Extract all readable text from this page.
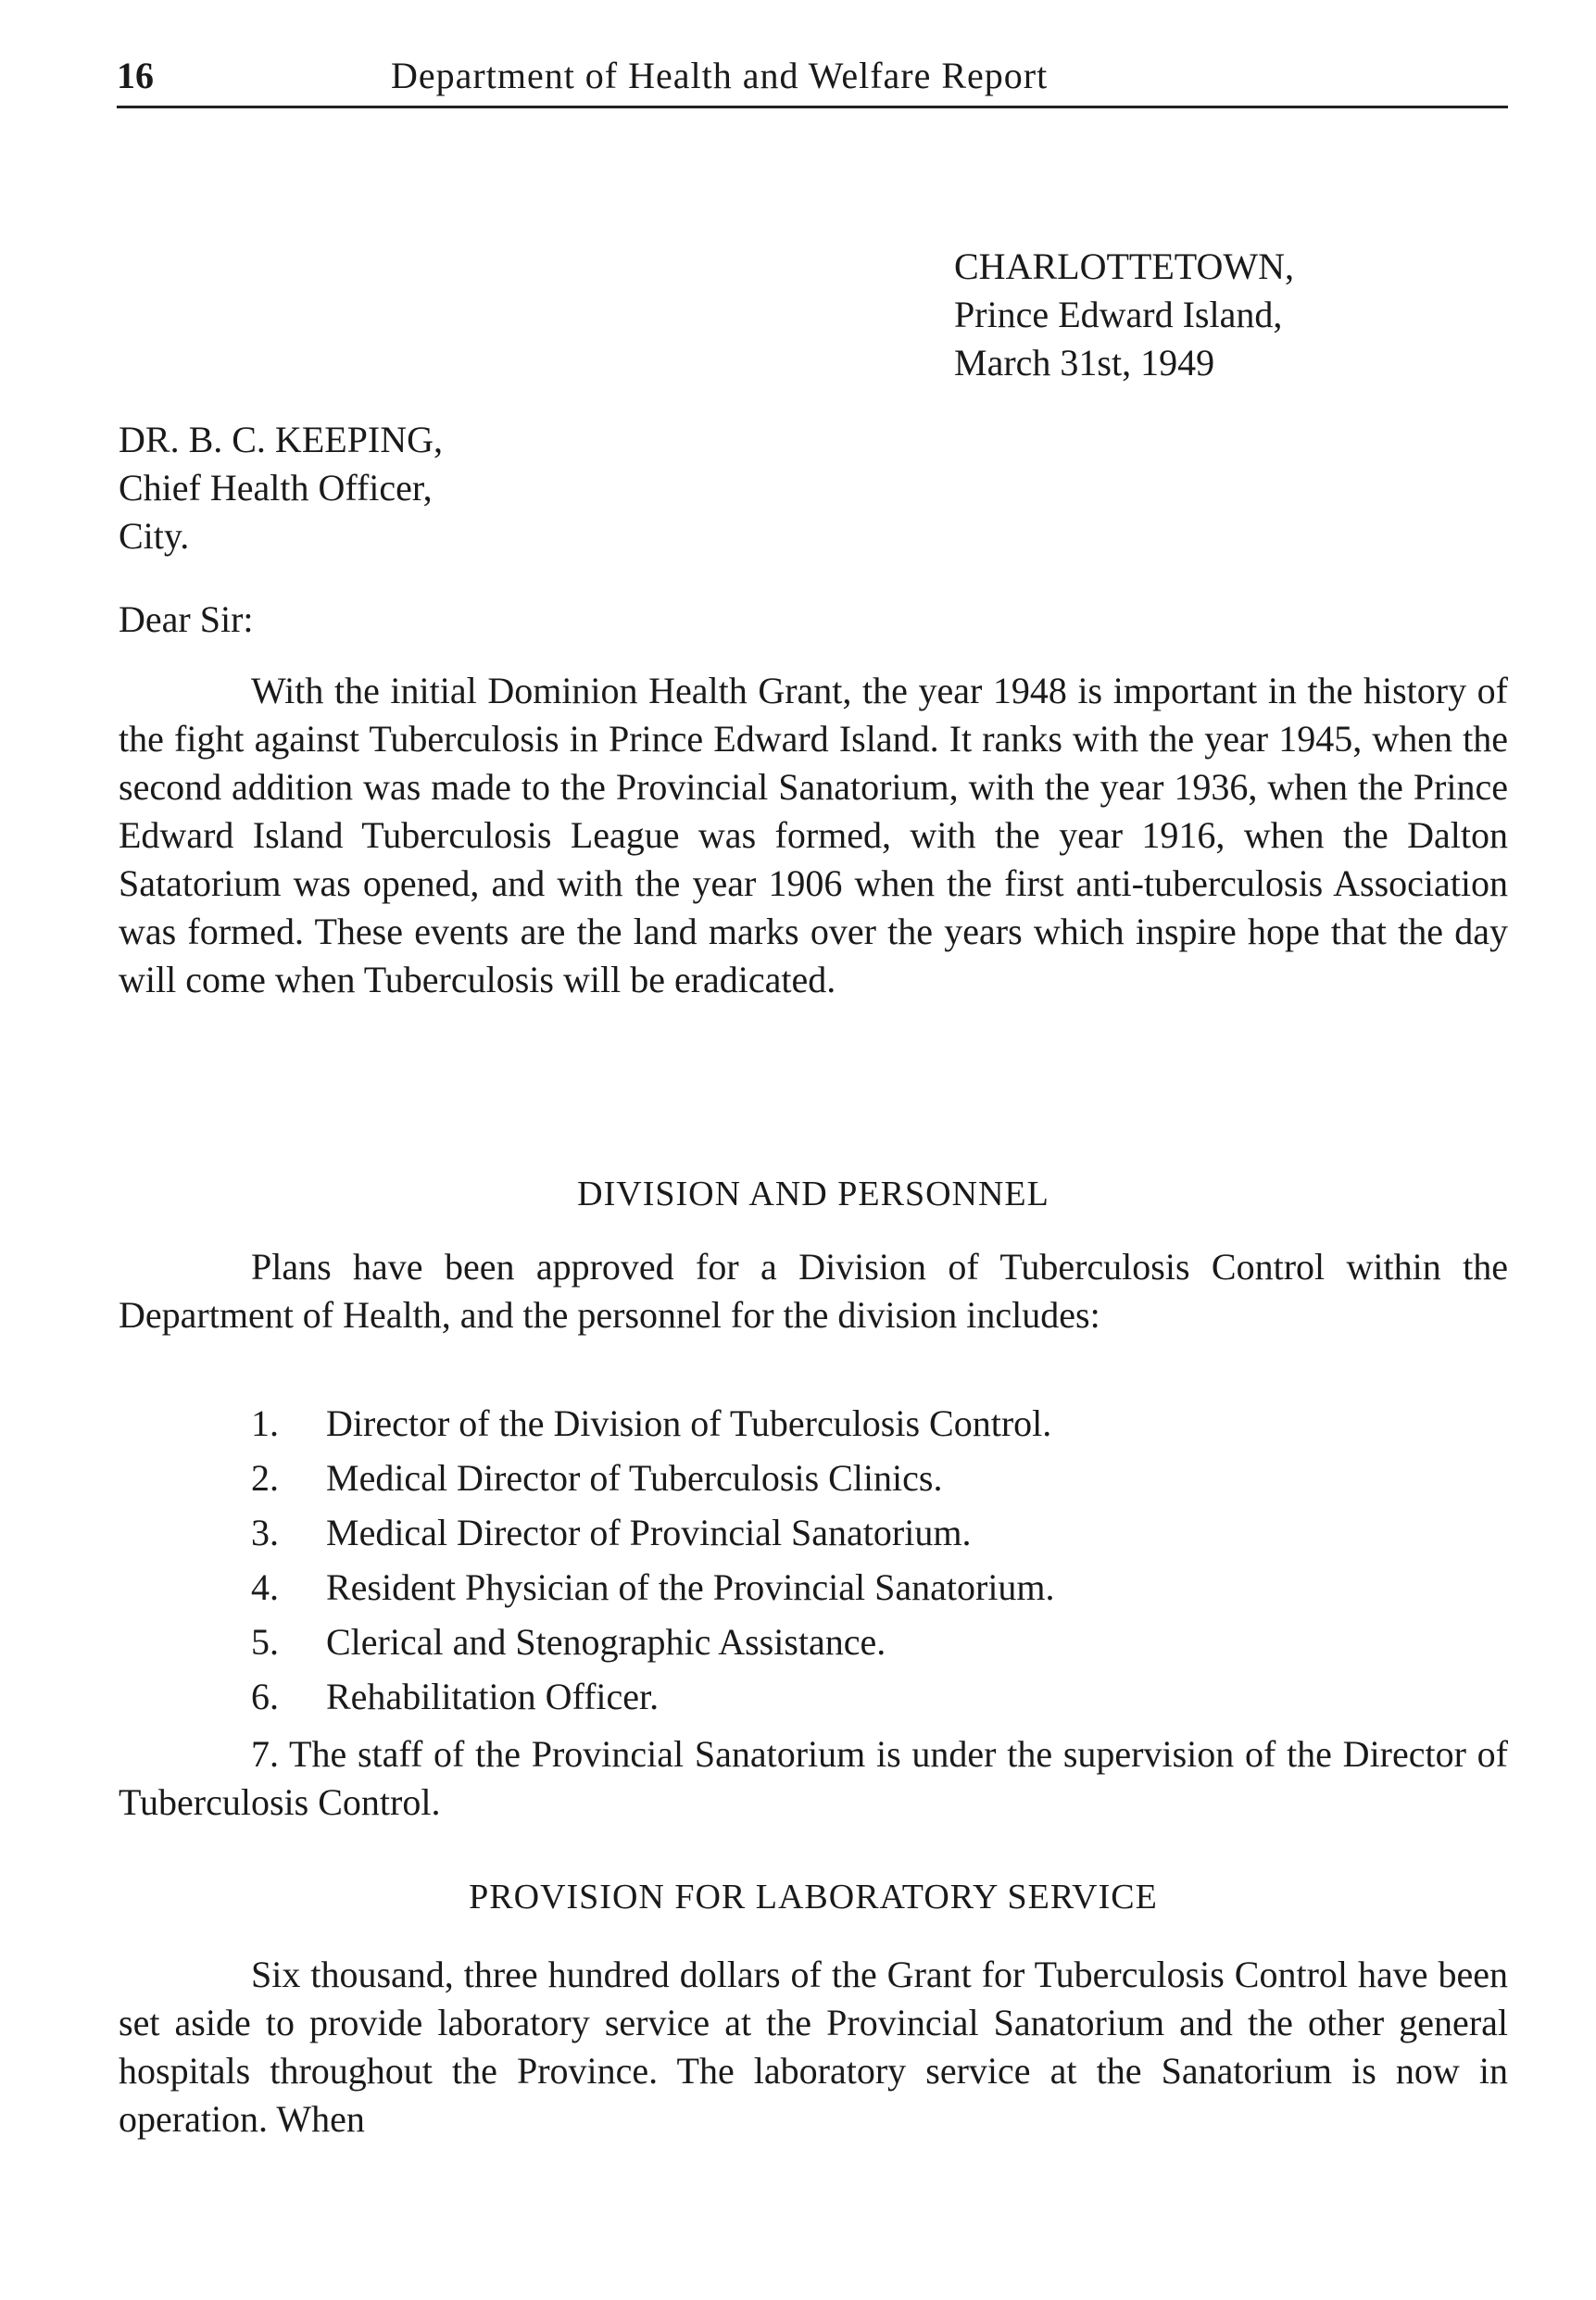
16	Department of Health and Welfare Report
CHARLOTTETOWN,
Prince Edward Island,
March 31st, 1949
DR. B. C. KEEPING,
Chief Health Officer,
City.
Dear Sir:

With the initial Dominion Health Grant, the year 1948 is important in the history of the fight against Tuberculosis in Prince Edward Island. It ranks with the year 1945, when the second addition was made to the Provincial Sanatorium, with the year 1936, when the Prince Edward Island Tuberculosis League was formed, with the year 1916, when the Dalton Satatorium was opened, and with the year 1906 when the first anti-tuberculosis Association was formed. These events are the land marks over the years which inspire hope that the day will come when Tuberculosis will be eradicated.

DIVISION AND PERSONNEL

Plans have been approved for a Division of Tuberculosis Control within the Department of Health, and the personnel for the division includes:

1. Director of the Division of Tuberculosis Control.
2. Medical Director of Tuberculosis Clinics.
3. Medical Director of Provincial Sanatorium.
4. Resident Physician of the Provincial Sanatorium.
5. Clerical and Stenographic Assistance.
6. Rehabilitation Officer.

7. The staff of the Provincial Sanatorium is under the supervision of the Director of Tuberculosis Control.

PROVISION FOR LABORATORY SERVICE

Six thousand, three hundred dollars of the Grant for Tuberculosis Control have been set aside to provide laboratory service at the Provincial Sanatorium and the other general hospitals throughout the Province. The laboratory service at the Sanatorium is now in operation. When
